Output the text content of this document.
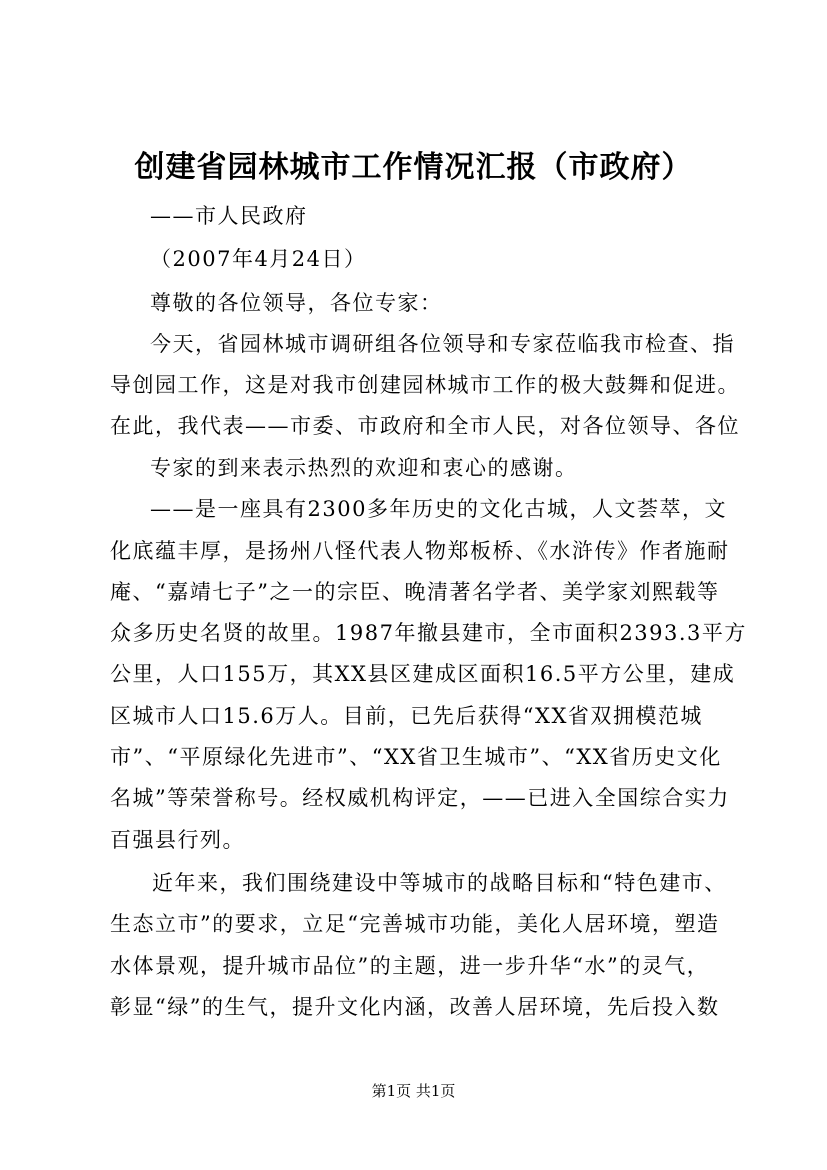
创建省园林城市工作情况汇报（市政府）
——市人民政府
（2007年4月24日）
尊敬的各位领导，各位专家：
今天，省园林城市调研组各位领导和专家莅临我市检查、指
导创园工作，这是对我市创建园林城市工作的极大鼓舞和促进。
在此，我代表——市委、市政府和全市人民，对各位领导、各位
专家的到来表示热烈的欢迎和衷心的感谢。
——是一座具有2300多年历史的文化古城，人文荟萃，文
化底蕴丰厚，是扬州八怪代表人物郑板桥、《水浒传》作者施耐
庵、“嘉靖七子”之一的宗臣、晚清著名学者、美学家刘熙载等
众多历史名贤的故里。1987年撤县建市，全市面积2393.3平方
公里，人口155万，其XX县区建成区面积16.5平方公里，建成
区城市人口15.6万人。目前，已先后获得“XX省双拥模范城
市”、“平原绿化先进市”、“XX省卫生城市”、“XX省历史文化
名城”等荣誉称号。经权威机构评定，——已进入全国综合实力
百强县行列。
近年来，我们围绕建设中等城市的战略目标和“特色建市、
生态立市”的要求，立足“完善城市功能，美化人居环境，塑造
水体景观，提升城市品位”的主题，进一步升华“水”的灵气，
彰显“绿”的生气，提升文化内涵，改善人居环境，先后投入数
第1页 共1页
